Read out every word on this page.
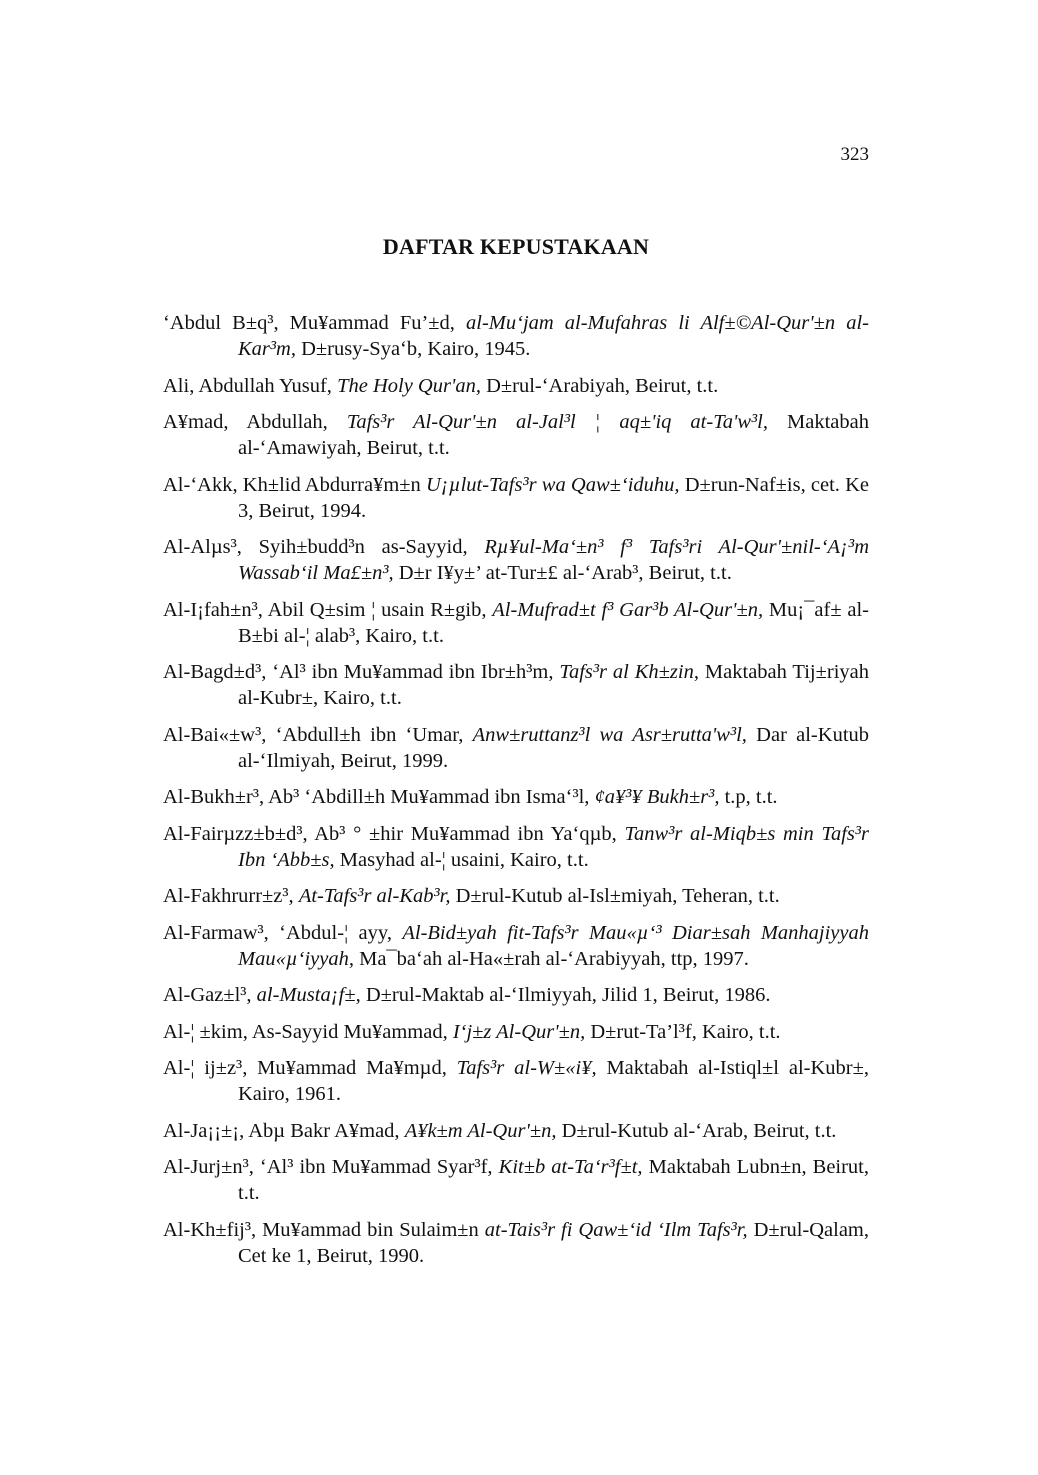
323
DAFTAR KEPUSTAKAAN
‘Abdul B±q³, Mu¥ammad Fu’±d, al-Mu‘jam al-Mufahras li Alf±©Al-Qur'±n al-Kar³m, D±rusy-Sya‘b, Kairo, 1945.
Ali, Abdullah Yusuf, The Holy Qur'an, D±rul-‘Arabiyah, Beirut, t.t.
A¥mad, Abdullah, Tafs³r Al-Qur'±n al-Jal³l ¦ aq±'iq at-Ta'w³l, Maktabah al-‘Amawiyah, Beirut, t.t.
Al-‘Akk, Kh±lid Abdurra¥m±n U¡µlut-Tafs³r wa Qaw±‘iduhu, D±run-Naf±is, cet. Ke 3, Beirut, 1994.
Al-Alµs³, Syih±budd³n as-Sayyid, Rµ¥ul-Ma‘±n³ f³ Tafs³ri Al-Qur'±nil-‘A¡³m Wassab‘il Ma£±n³, D±r I¥y±’ at-Tur±£ al-‘Arab³, Beirut, t.t.
Al-I¡fah±n³, Abil Q±sim ¦ usain R±gib, Al-Mufrad±t f³ Gar³b Al-Qur'±n, Mu¡¯af± al-B±bi al-¦ alab³, Kairo, t.t.
Al-Bagd±d³, ‘Al³ ibn Mu¥ammad ibn Ibr±h³m, Tafs³r al Kh±zin, Maktabah Tij±riyah al-Kubr±, Kairo, t.t.
Al-Bai«±w³, ‘Abdull±h ibn ‘Umar, Anw±ruttanz³l wa Asr±rutta'w³l, Dar al-Kutub al-‘Ilmiyah, Beirut, 1999.
Al-Bukh±r³, Ab³ ‘Abdill±h Mu¥ammad ibn Isma‘³l, ¢a¥³¥ Bukh±r³, t.p, t.t.
Al-Fairµzz±b±d³, Ab³ ° ±hir Mu¥ammad ibn Ya‘qµb, Tanw³r al-Miqb±s min Tafs³r Ibn ‘Abb±s, Masyhad al-¦ usaini, Kairo, t.t.
Al-Fakhrurr±z³, At-Tafs³r al-Kab³r, D±rul-Kutub al-Isl±miyah, Teheran, t.t.
Al-Farmaw³, ‘Abdul-¦ ayy, Al-Bid±yah fit-Tafs³r Mau«µ‘³ Diar±sah Manhajiyyah Mau«µ‘iyyah, Ma¯ba‘ah al-Ha«±rah al-‘Arabiyyah, ttp, 1997.
Al-Gaz±l³, al-Musta¡f±, D±rul-Maktab al-‘Ilmiyyah, Jilid 1, Beirut, 1986.
Al-¦ ±kim, As-Sayyid Mu¥ammad, I‘j±z Al-Qur'±n, D±rut-Ta’l³f, Kairo, t.t.
Al-¦ ij±z³, Mu¥ammad Ma¥mµd, Tafs³r al-W±«i¥, Maktabah al-Istiql±l al-Kubr±, Kairo, 1961.
Al-Ja¡¡±¡, Abµ Bakr A¥mad, A¥k±m Al-Qur'±n, D±rul-Kutub al-‘Arab, Beirut, t.t.
Al-Jurj±n³, ‘Al³ ibn Mu¥ammad Syar³f, Kit±b at-Ta‘r³f±t, Maktabah Lubn±n, Beirut, t.t.
Al-Kh±fij³, Mu¥ammad bin Sulaim±n at-Tais³r fi Qaw±‘id ‘Ilm Tafs³r, D±rul-Qalam, Cet ke 1, Beirut, 1990.
